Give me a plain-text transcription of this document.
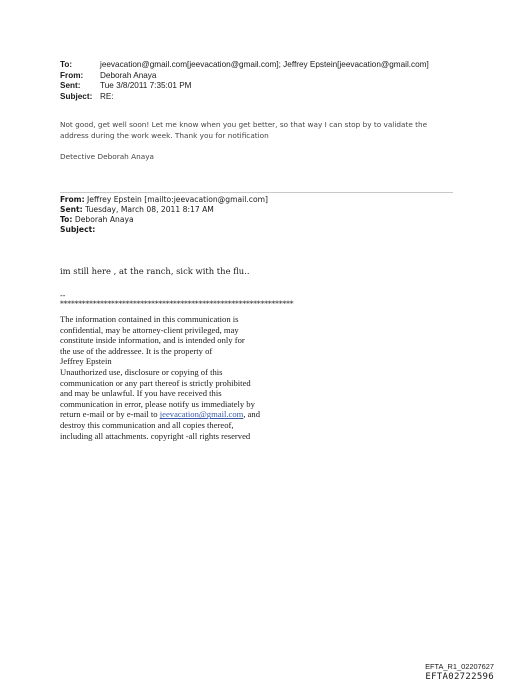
To:	jeevacation@gmail.com[jeevacation@gmail.com]; Jeffrey Epstein[jeevacation@gmail.com]
From:	Deborah Anaya
Sent:	Tue 3/8/2011 7:35:01 PM
Subject: RE:
Not good, get well soon! Let me know when you get better, so that way I can stop by to validate the
address during the work week. Thank you for notification
Detective Deborah Anaya
From: Jeffrey Epstein [mailto:jeevacation@gmail.com]
Sent: Tuesday, March 08, 2011 8:17 AM
To: Deborah Anaya
Subject:
im still here , at the ranch, sick with the flu..
--
****************************************************************
The information contained in this communication is
confidential, may be attorney-client privileged, may
constitute inside information, and is intended only for
the use of the addressee. It is the property of
Jeffrey Epstein
Unauthorized use, disclosure or copying of this
communication or any part thereof is strictly prohibited
and may be unlawful. If you have received this
communication in error, please notify us immediately by
return e-mail or by e-mail to jeevacation@gmail.com, and
destroy this communication and all copies thereof,
including all attachments. copyright -all rights reserved
EFTA_R1_02207627
EFTA02722596
